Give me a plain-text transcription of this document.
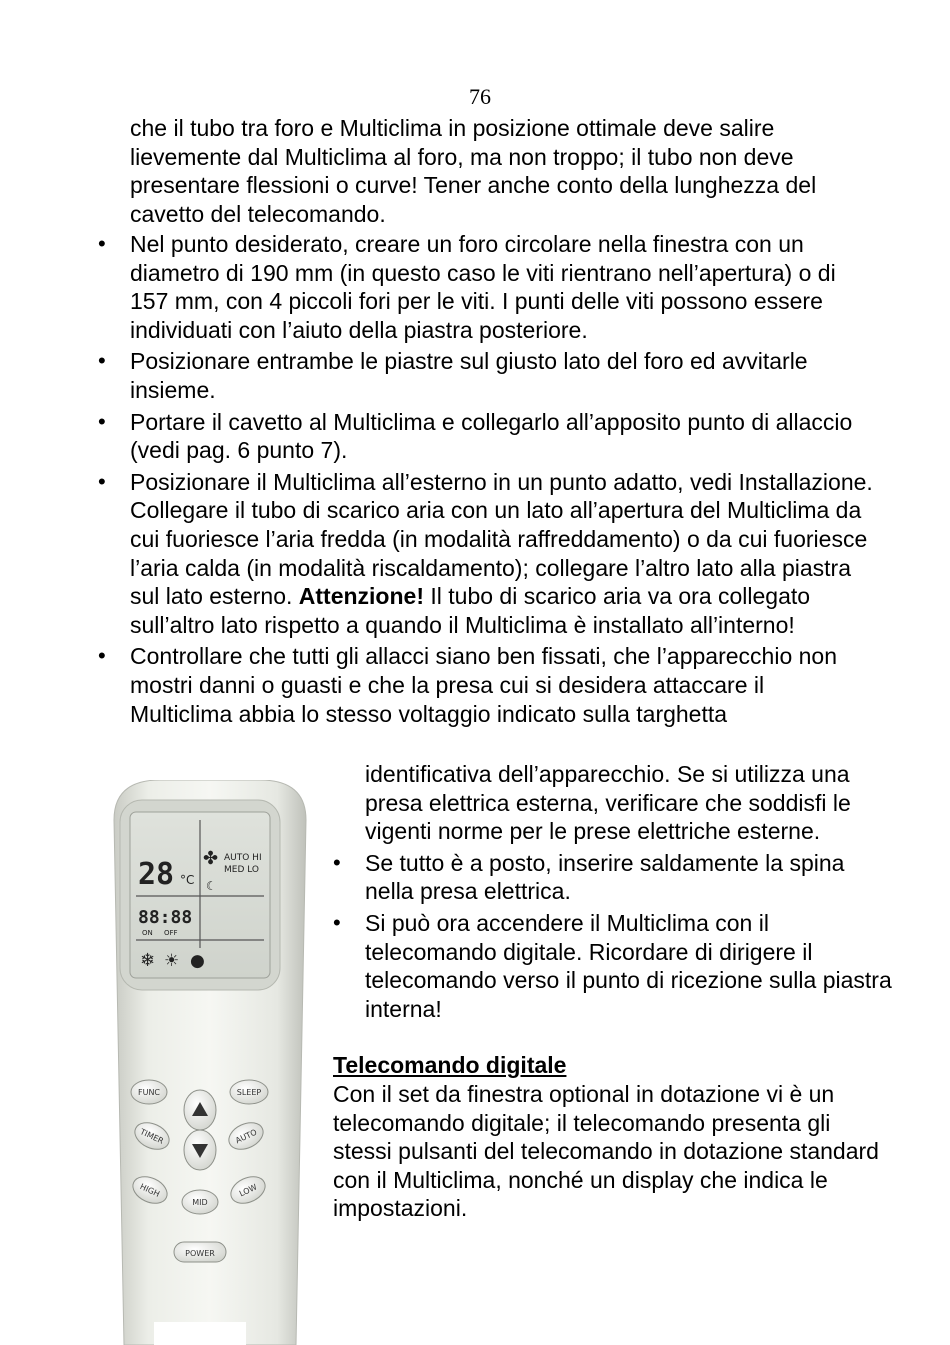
76

che il tubo tra foro e Multiclima in posizione ottimale deve salire lievemente dal Multiclima al foro, ma non troppo; il tubo non deve presentare flessioni o curve! Tener anche conto della lunghezza del cavetto del telecomando.

• Nel punto desiderato, creare un foro circolare nella finestra con un diametro di 190 mm (in questo caso le viti rientrano nell’apertura) o di 157 mm, con 4 piccoli fori per le viti. I punti delle viti possono essere individuati con l’aiuto della piastra posteriore.
• Posizionare entrambe le piastre sul giusto lato del foro ed avvitarle insieme.
• Portare il cavetto al Multiclima e collegarlo all’apposito punto di allaccio (vedi pag. 6 punto 7).
• Posizionare il Multiclima all’esterno in un punto adatto, vedi Installazione. Collegare il tubo di scarico aria con un lato all’apertura del Multiclima da cui fuoriesce l’aria fredda (in modalità raffreddamento) o da cui fuoriesce l’aria calda (in modalità riscaldamento); collegare l’altro lato alla piastra sul lato esterno. Attenzione! Il tubo di scarico aria va ora collegato sull’altro lato rispetto a quando il Multiclima è installato all’interno!
• Controllare che tutti gli allacci siano ben fissati, che l’apparecchio non mostri danni o guasti e che la presa cui si desidera attaccare il
Multiclima abbia lo stesso voltaggio indicato sulla targhetta

identificativa dell’apparecchio. Se si utilizza una presa elettrica esterna, verificare che soddisfi le vigenti norme per le prese elettriche esterne.

• Se tutto è a posto, inserire saldamente la spina nella presa elettrica.
• Si può ora accendere il Multiclima con il telecomando digitale. Ricordare di dirigere il telecomando verso il punto di ricezione sulla piastra interna!

Telecomando digitale

Con il set da finestra optional in dotazione vi è un telecomando digitale; il telecomando presenta gli stessi pulsanti del telecomando in dotazione standard con il Multiclima, nonché un display che indica le impostazioni.

28 °C
✤ AUTO HI
MED LO
☾
88:88
ON OFF
❄ ☀ ●
FUNC	SLEEP
TIMER	AUTO
HIGH
MID
LOW
POWER
